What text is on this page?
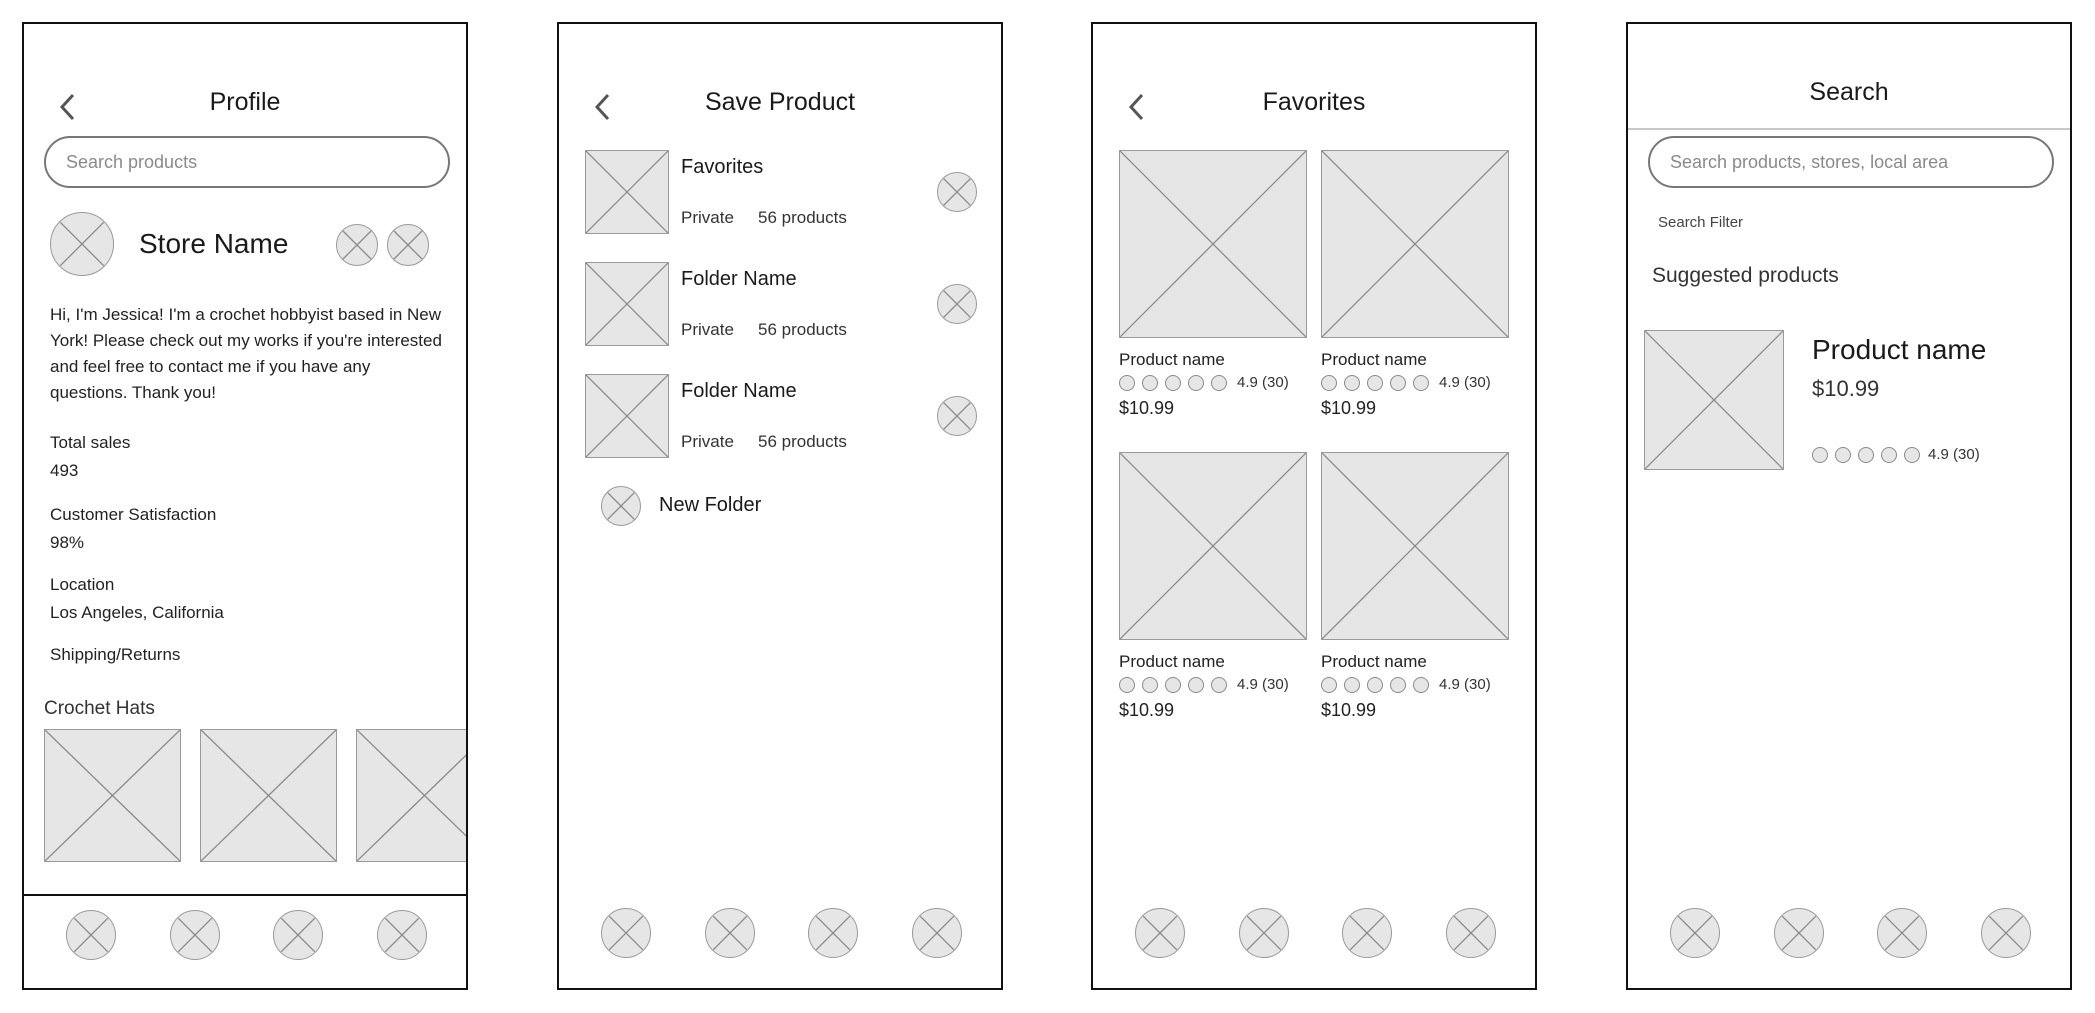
Profile
Search products
Store Name
Hi, I'm Jessica! I'm a crochet hobbyist based in New
York! Please check out my works if you're interested
and feel free to contact me if you have any
questions. Thank you!
Total sales
493
Customer Satisfaction
98%
Location
Los Angeles, California
Shipping/Returns
Crochet Hats
Save Product
Favorites
Private 56 products
Folder Name
Private 56 products
Folder Name
Private 56 products
New Folder
Favorites
Product name
4.9 (30)
$10.99
Product name
4.9 (30)
$10.99
Product name
4.9 (30)
$10.99
Product name
4.9 (30)
$10.99
Search
Search products, stores, local area
Search Filter
Suggested products
Product name
$10.99
4.9 (30)
